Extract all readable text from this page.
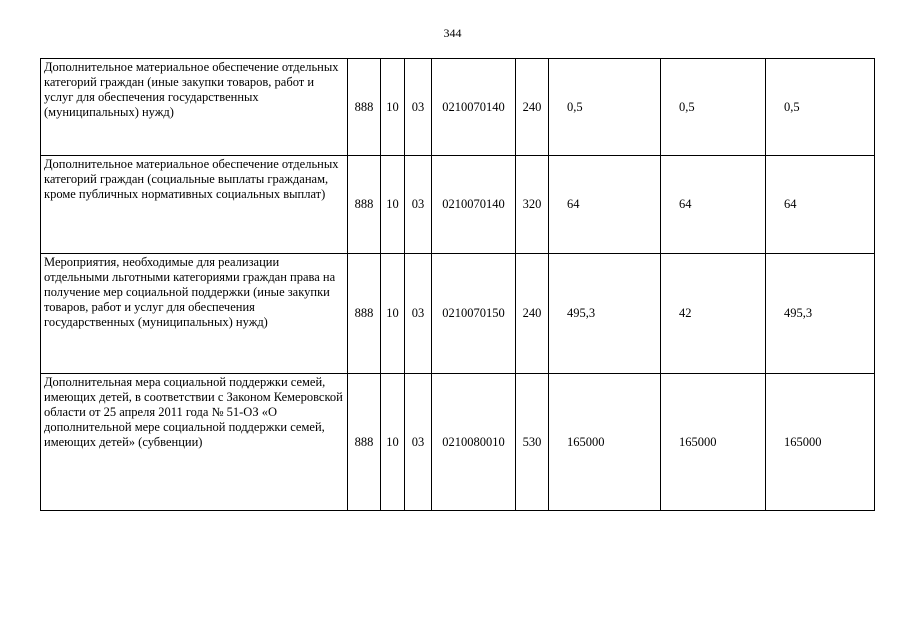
344
Дополнительное материальное обеспечение отдельных категорий граждан (иные закупки товаров, работ и услуг для обеспечения государственных (муниципальных) нужд)	888	10	03	0210070140	240	0,5	0,5	0,5
Дополнительное материальное обеспечение отдельных категорий граждан (социальные выплаты гражданам, кроме публичных нормативных социальных выплат)	888	10	03	0210070140	320	64	64	64
Мероприятия, необходимые для реализации отдельными льготными категориями граждан права на получение мер социальной поддержки (иные закупки товаров, работ и услуг для обеспечения государственных (муниципальных) нужд)	888	10	03	0210070150	240	495,3	42	495,3
Дополнительная мера социальной поддержки семей, имеющих детей, в соответствии с Законом Кемеровской области от 25 апреля 2011 года № 51-ОЗ «О дополнительной мере социальной поддержки семей, имеющих детей» (субвенции)	888	10	03	0210080010	530	165000	165000	165000
